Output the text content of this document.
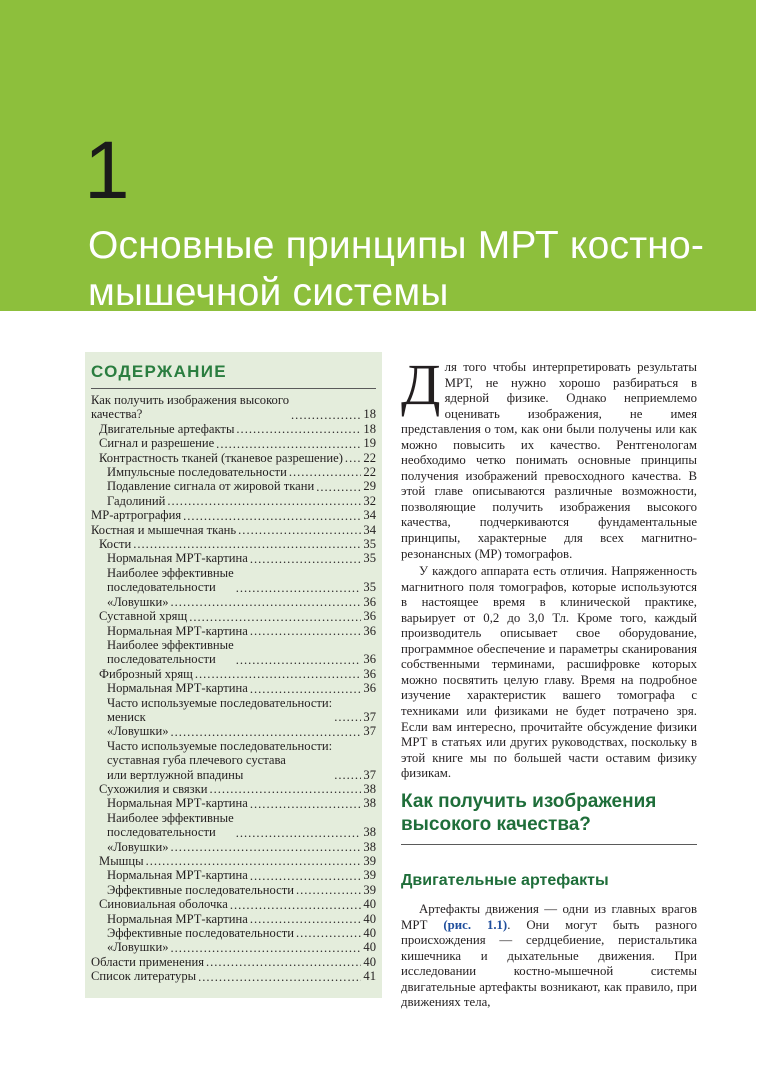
1
Основные принципы МРТ костно-мышечной системы
СОДЕРЖАНИЕ
Как получить изображения высокого
качества? .....	18
Двигательные артефакты .....	18
Сигнал и разрешение .....	19
Контрастность тканей (тканевое разрешение) ..... 22
Импульсные последовательности .....	22
Подавление сигнала от жировой ткани .....	29
Гадолиний .....	32
МР-артрография .....	34
Костная и мышечная ткань .....	34
Кости .....	35
Нормальная МРТ-картина .....	35
Наиболее эффективные
последовательности .....	35
«Ловушки» .....	36
Суставной хрящ .....	36
Нормальная МРТ-картина .....	36
Наиболее эффективные
последовательности .....	36
Фиброзный хрящ .....	36
Нормальная МРТ-картина .....	36
Часто используемые последовательности:
мениск .....	37
«Ловушки» .....	37
Часто используемые последовательности:
суставная губа плечевого сустава
или вертлужной впадины .....	37
Сухожилия и связки .....	38
Нормальная МРТ-картина .....	38
Наиболее эффективные
последовательности .....	38
«Ловушки» .....	38
Мышцы .....	39
Нормальная МРТ-картина .....	39
Эффективные последовательности .....	39
Синовиальная оболочка .....	40
Нормальная МРТ-картина .....	40
Эффективные последовательности .....	40
«Ловушки» .....	40
Области применения .....	40
Список литературы .....	41

Для того чтобы интерпретировать результаты МРТ, не нужно хорошо разбираться в ядерной физике. Однако неприемлемо оценивать изображения, не имея представления о том, как они были получены или как можно повысить их качество. Рентгенологам необходимо четко понимать основные принципы получения изображений превосходного качества. В этой главе описываются различные возможности, позволяющие получить изображения высокого качества, подчеркиваются фундаментальные принципы, характерные для всех магнитно-резонансных (МР) томографов.

У каждого аппарата есть отличия. Напряженность магнитного поля томографов, которые используются в настоящее время в клинической практике, варьирует от 0,2 до 3,0 Тл. Кроме того, каждый производитель описывает свое оборудование, программное обеспечение и параметры сканирования собственными терминами, расшифровке которых можно посвятить целую главу. Время на подробное изучение характеристик вашего томографа с техниками или физиками не будет потрачено зря. Если вам интересно, прочитайте обсуждение физики МРТ в статьях или других руководствах, поскольку в этой книге мы по большей части оставим физику физикам.

Как получить изображения высокого качества?
Двигательные артефакты

Артефакты движения — одни из главных врагов МРТ (рис. 1.1). Они могут быть разного происхождения — сердцебиение, перистальтика кишечника и дыхательные движения. При исследовании костно-мышечной системы двигательные артефакты возникают, как правило, при движениях тела,
